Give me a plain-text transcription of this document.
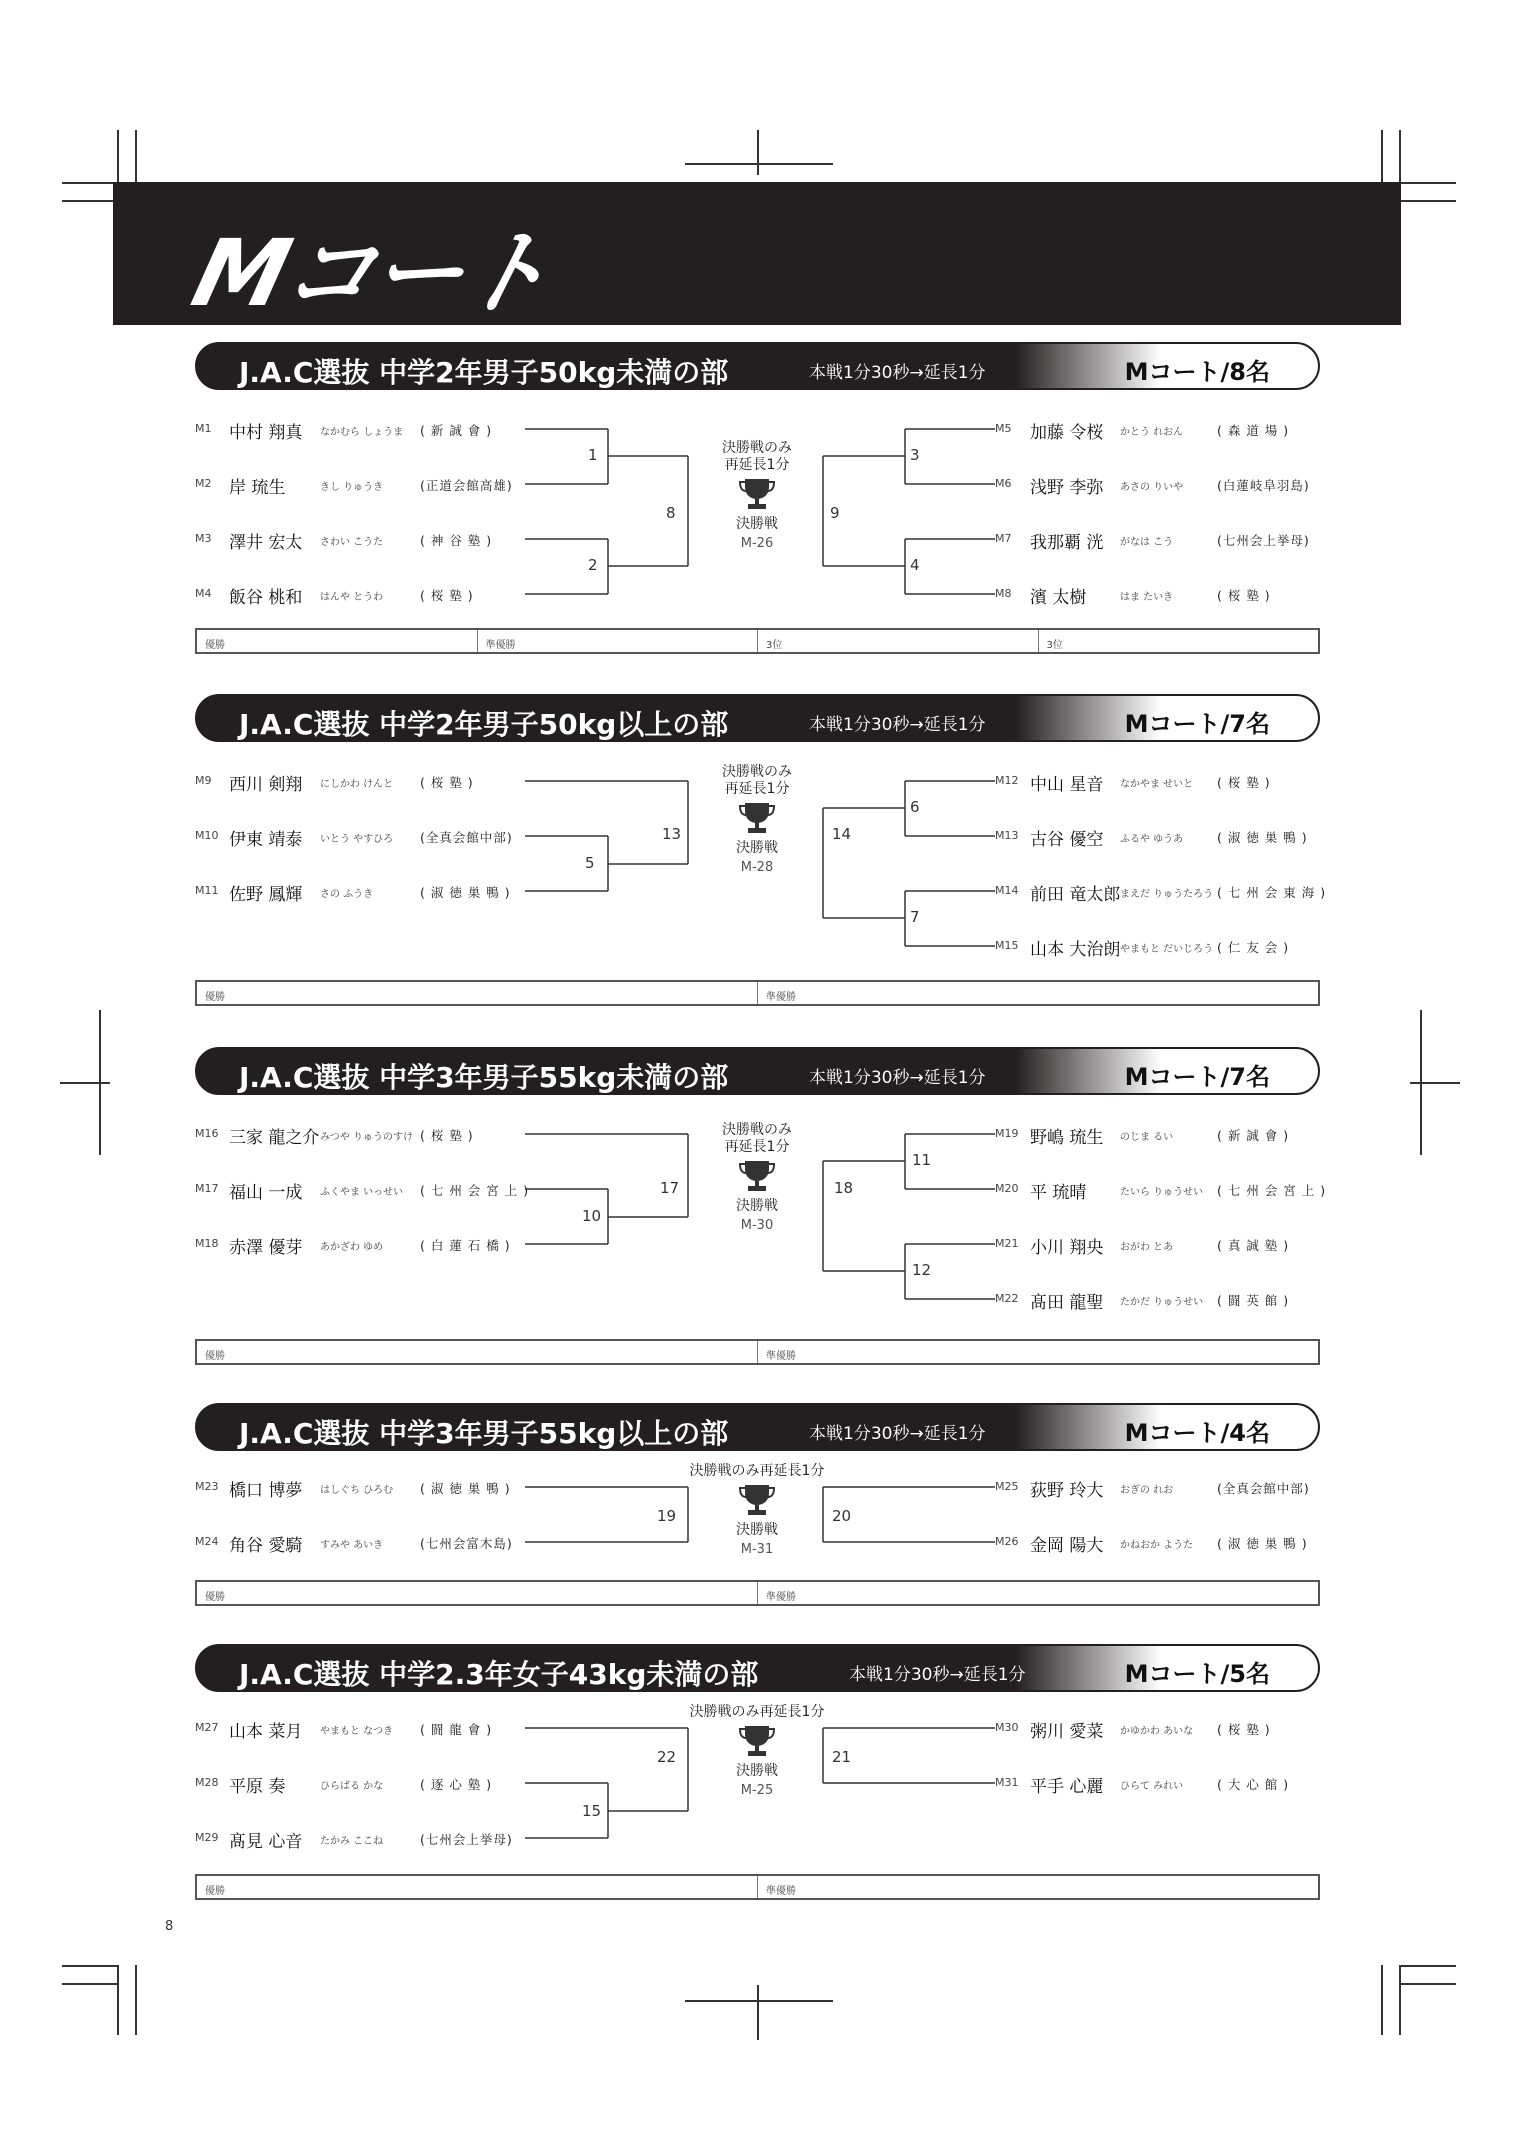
Mコート
J.A.C選抜 中学2年男子50kg未満の部	本戦1分30秒→延長1分	Mコート/8名
M1 中村 翔真 なかむら しょうま ( 新 誠 會 )
M2 岸 琉生	きし りゅうき	(正道会館高雄)
M3 澤井 宏太 さわい こうた	( 神 谷 塾 )
M4 飯谷 桃和 はんや とうわ	( 桜 塾 )
M5 加藤 令桜 かとう れおん	( 森 道 場 )
M6 浅野 李弥 あさの りいや	(白蓮岐阜羽島)
M7 我那覇 洸 がなは こう	(七州会上挙母)
M8 濱 太樹	はま たいき	( 桜 塾 )
1
2
8
3
4
9
決勝戦のみ
再延長1分
決勝戦
M-26
優勝	準優勝	3位	3位
J.A.C選抜 中学2年男子50kg以上の部	本戦1分30秒→延長1分	Mコート/7名
M9 西川 剣翔 にしかわ けんと ( 桜 塾 )
M10 伊東 靖泰 いとう やすひろ (全真会館中部)
M11 佐野 鳳輝 さの ふうき	( 淑 徳 巣 鴨 )
M12 中山 星音 なかやま せいと ( 桜 塾 )
M13 古谷 優空 ふるや ゆうあ	( 淑 徳 巣 鴨 )
M14 前田 竜太郎 まえだ りゅうたろう ( 七 州 会 東 海 )
M15 山本 大治朗 やまもと だいじろう ( 仁 友 会 )
5
13
6
7
14
決勝戦のみ
再延長1分
決勝戦
M-28
優勝	準優勝
J.A.C選抜 中学3年男子55kg未満の部	本戦1分30秒→延長1分	Mコート/7名
M16 三家 龍之介 みつや りゅうのすけ ( 桜 塾 )
M17 福山 一成 ふくやま いっせい ( 七 州 会 宮 上 )
M18 赤澤 優芽 あかざわ ゆめ	( 白 蓮 石 橋 )
M19 野嶋 琉生 のじま るい	( 新 誠 會 )
M20 平 琉晴	たいら りゅうせい ( 七 州 会 宮 上 )
M21 小川 翔央 おがわ とあ	( 真 誠 塾 )
M22 髙田 龍聖 たかだ りゅうせい ( 闘 英 館 )
10
17
11
12
18
決勝戦のみ
再延長1分
決勝戦
M-30
優勝	準優勝
J.A.C選抜 中学3年男子55kg以上の部	本戦1分30秒→延長1分	Mコート/4名
M23 橋口 博夢 はしぐち ひろむ ( 淑 徳 巣 鴨 )
M24 角谷 愛騎 すみや あいき	(七州会富木島)
M25 荻野 玲大 おぎの れお	(全真会館中部)
M26 金岡 陽大 かねおか ようた ( 淑 徳 巣 鴨 )
19	20
決勝戦のみ再延長1分
決勝戦
M-31
優勝	準優勝
J.A.C選抜 中学2.3年女子43kg未満の部	本戦1分30秒→延長1分	Mコート/5名
M27 山本 菜月 やまもと なつき ( 闘 龍 會 )
M28 平原 奏	ひらばる かな	( 逐 心 塾 )
M29 髙見 心音 たかみ ここね	(七州会上挙母)
M30 粥川 愛菜 かゆかわ あいな ( 桜 塾 )
M31 平手 心麗 ひらて みれい	( 大 心 館 )
15
22	21
決勝戦のみ再延長1分
決勝戦
M-25
優勝	準優勝
8
